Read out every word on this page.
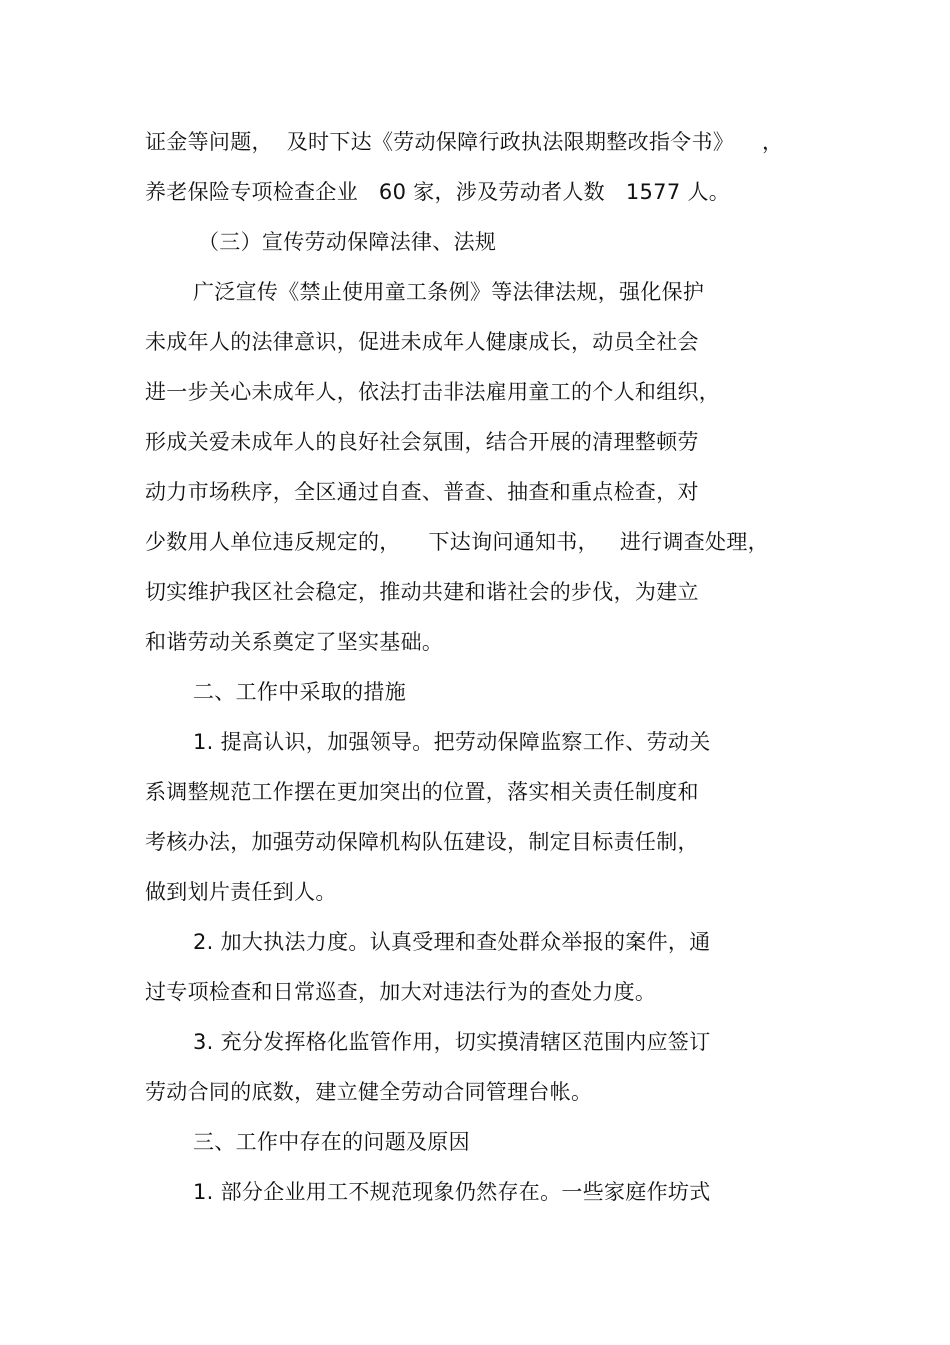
证金等问题，  及时下达《劳动保障行政执法限期整改指令书》    ，
养老保险专项检查企业   60 家，涉及劳动者人数   1577 人。
（三）宣传劳动保障法律、法规
广泛宣传《禁止使用童工条例》等法律法规，强化保护
未成年人的法律意识，促进未成年人健康成长，动员全社会
进一步关心未成年人，依法打击非法雇用童工的个人和组织，
形成关爱未成年人的良好社会氛围，结合开展的清理整顿劳
动力市场秩序，全区通过自查、普查、抽查和重点检查，对
少数用人单位违反规定的，    下达询问通知书，   进行调查处理，
切实维护我区社会稳定，推动共建和谐社会的步伐，为建立
和谐劳动关系奠定了坚实基础。
二、工作中采取的措施
1. 提高认识，加强领导。把劳动保障监察工作、劳动关
系调整规范工作摆在更加突出的位置，落实相关责任制度和
考核办法，加强劳动保障机构队伍建设，制定目标责任制，
做到划片责任到人。
2. 加大执法力度。认真受理和查处群众举报的案件，通
过专项检查和日常巡查，加大对违法行为的查处力度。
3. 充分发挥格化监管作用，切实摸清辖区范围内应签订
劳动合同的底数，建立健全劳动合同管理台帐。
三、工作中存在的问题及原因
1. 部分企业用工不规范现象仍然存在。一些家庭作坊式
